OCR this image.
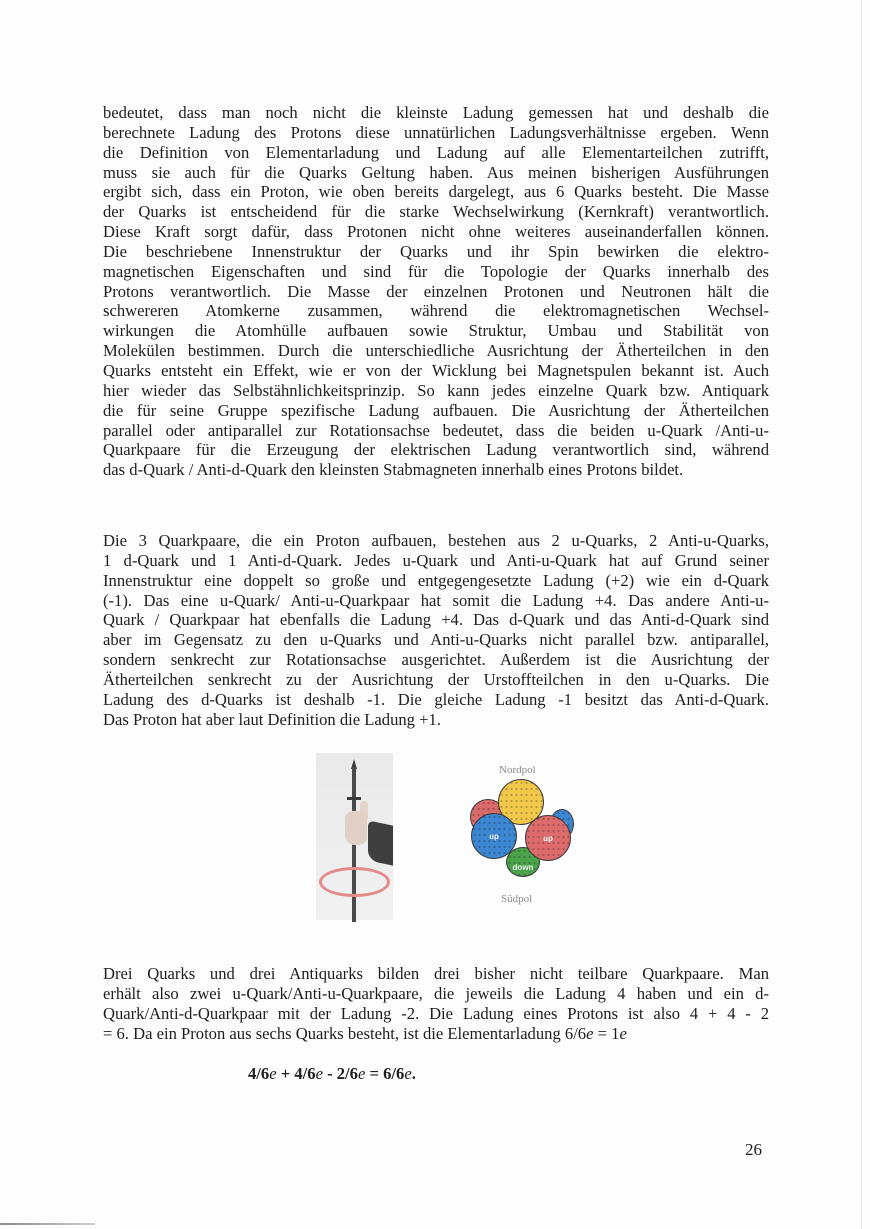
bedeutet, dass man noch nicht die kleinste Ladung gemessen hat und deshalb die
berechnete Ladung des Protons diese unnatürlichen Ladungsverhältnisse ergeben. Wenn
die Definition von Elementarladung und Ladung auf alle Elementarteilchen zutrifft,
muss sie auch für die Quarks Geltung haben. Aus meinen bisherigen Ausführungen
ergibt sich, dass ein Proton, wie oben bereits dargelegt, aus 6 Quarks besteht. Die Masse
der Quarks ist entscheidend für die starke Wechselwirkung (Kernkraft) verantwortlich.
Diese Kraft sorgt dafür, dass Protonen nicht ohne weiteres auseinanderfallen können.
Die beschriebene Innenstruktur der Quarks und ihr Spin bewirken die elektro-
magnetischen Eigenschaften und sind für die Topologie der Quarks innerhalb des
Protons verantwortlich. Die Masse der einzelnen Protonen und Neutronen hält die
schwereren Atomkerne zusammen, während die elektromagnetischen Wechsel-
wirkungen die Atomhülle aufbauen sowie Struktur, Umbau und Stabilität von
Molekülen bestimmen. Durch die unterschiedliche Ausrichtung der Ätherteilchen in den
Quarks entsteht ein Effekt, wie er von der Wicklung bei Magnetspulen bekannt ist. Auch
hier wieder das Selbstähnlichkeitsprinzip. So kann jedes einzelne Quark bzw. Antiquark
die für seine Gruppe spezifische Ladung aufbauen. Die Ausrichtung der Ätherteilchen
parallel oder antiparallel zur Rotationsachse bedeutet, dass die beiden u-Quark /Anti-u-
Quarkpaare für die Erzeugung der elektrischen Ladung verantwortlich sind, während
das d-Quark / Anti-d-Quark den kleinsten Stabmagneten innerhalb eines Protons bildet.
Die 3 Quarkpaare, die ein Proton aufbauen, bestehen aus 2 u-Quarks, 2 Anti-u-Quarks,
1 d-Quark und 1 Anti-d-Quark. Jedes u-Quark und Anti-u-Quark hat auf Grund seiner
Innenstruktur eine doppelt so große und entgegengesetzte Ladung (+2) wie ein d-Quark
(-1). Das eine u-Quark/ Anti-u-Quarkpaar hat somit die Ladung +4. Das andere Anti-u-
Quark / Quarkpaar hat ebenfalls die Ladung +4. Das d-Quark und das Anti-d-Quark sind
aber im Gegensatz zu den u-Quarks und Anti-u-Quarks nicht parallel bzw. antiparallel,
sondern senkrecht zur Rotationsachse ausgerichtet. Außerdem ist die Ausrichtung der
Ätherteilchen senkrecht zu der Ausrichtung der Urstoffteilchen in den u-Quarks. Die
Ladung des d-Quarks ist deshalb -1. Die gleiche Ladung -1 besitzt das Anti-d-Quark.
Das Proton hat aber laut Definition die Ladung +1.
Nordpol
down
up	up
Südpol
Drei Quarks und drei Antiquarks bilden drei bisher nicht teilbare Quarkpaare. Man
erhält also zwei u-Quark/Anti-u-Quarkpaare, die jeweils die Ladung 4 haben und ein d-
Quark/Anti-d-Quarkpaar mit der Ladung -2. Die Ladung eines Protons ist also 4 + 4 - 2
= 6. Da ein Proton aus sechs Quarks besteht, ist die Elementarladung 6/6e = 1e
4/6e + 4/6e - 2/6e = 6/6e.
26
